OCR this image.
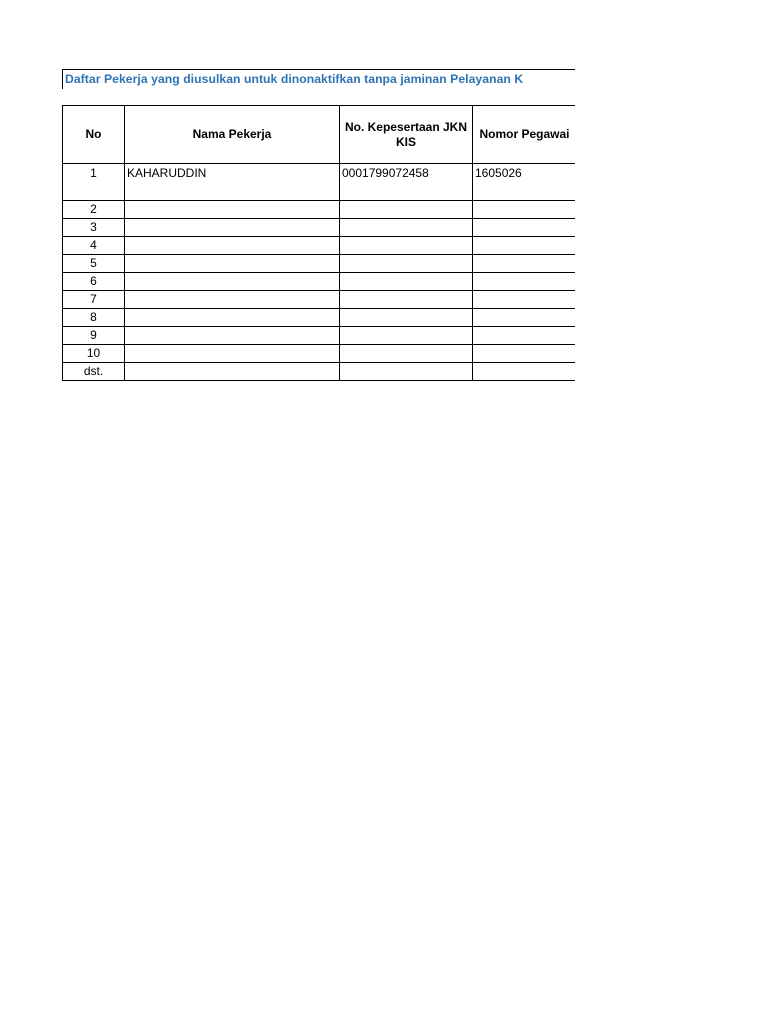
Daftar Pekerja yang diusulkan untuk dinonaktifkan tanpa jaminan Pelayanan K
No	Nama Pekerja	No. Kepesertaan JKN KIS	Nomor Pegawai
1	KAHARUDDIN	0001799072458	1605026
2			
3			
4			
5			
6			
7			
8			
9			
10			
dst.			
